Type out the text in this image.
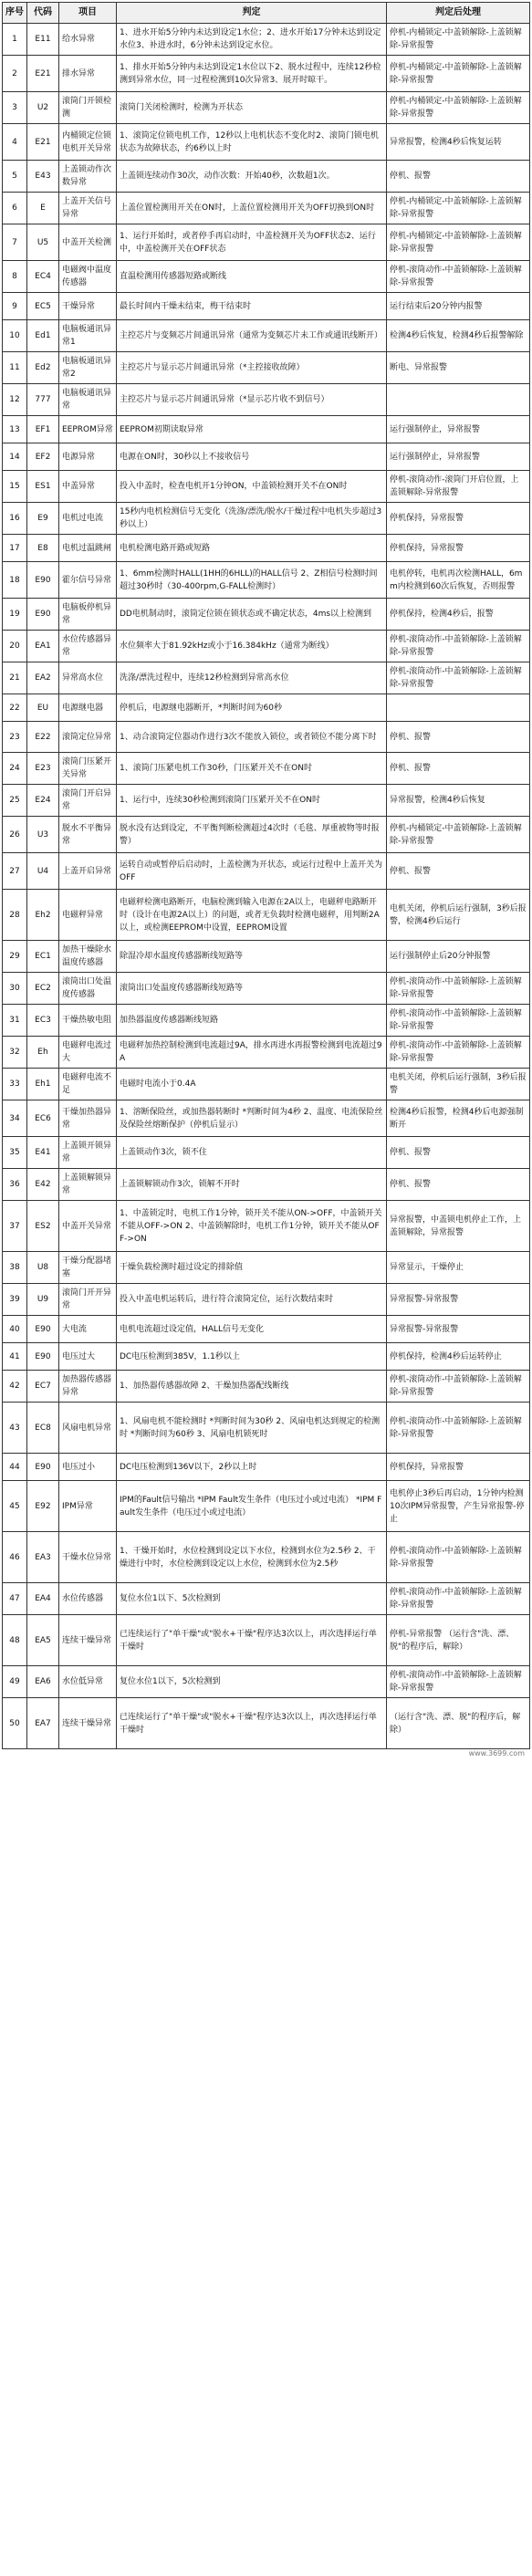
序号	代码	项目	判定	判定后处理
1	E11	给水异常	1、进水开始5分钟内未达到设定1水位；2、进水开始17分钟未达到设定水位3、补进水时，6分钟未达到设定水位。	停机-内桶锁定-中盖锁解除-上盖锁解除-异常报警
2	E21	排水异常	1、排水开始5分钟内未达到设定1水位以下2、脱水过程中，连续12秒检测到异常水位，同一过程检测到10次异常3、展开时晾干。	停机-内桶锁定-中盖锁解除-上盖锁解除-异常报警
3	U2	滚筒门开锁检测	滚筒门关闭检测时，检测为开状态	停机-内桶锁定-中盖锁解除-上盖锁解除-异常报警
4	E21	内桶锁定位锁电机开关异常	1、滚筒定位锁电机工作，12秒以上电机状态不变化时2、滚筒门锁电机状态为故障状态，约6秒以上时	异常报警，检测4秒后恢复运转
5	E43	上盖锁动作次数异常	上盖锁连续动作30次，动作次数：开始40秒，次数超1次。	停机、报警
6	E	上盖开关信号异常	上盖位置检测用开关在ON时，上盖位置检测用开关为OFF切换到ON时	停机-内桶锁定-中盖锁解除-上盖锁解除-异常报警
7	U5	中盖开关检测	1、运行开始时，或者停手再启动时，中盖检测开关为OFF状态2、运行中，中盖检测开关在OFF状态	停机-内桶锁定-中盖锁解除-上盖锁解除-异常报警
8	EC4	电磁阀中温度传感器	直温检测用传感器短路或断线	停机-滚筒动作-中盖锁解除-上盖锁解除-异常报警
9	EC5	干燥异常	最长时间内干燥未结束，梅干结束时	运行结束后20分钟内报警
10	Ed1	电脑板通讯异常1	主控芯片与变频芯片间通讯异常（通常为变频芯片未工作或通讯线断开）	检测4秒后恢复，检测4秒后报警解除
11	Ed2	电脑板通讯异常2	主控芯片与显示芯片间通讯异常（*主控接收故障）	断电、异常报警
12	777	电脑板通讯异常	主控芯片与显示芯片间通讯异常（*显示芯片收不到信号）	
13	EF1	EEPROM异常	EEPROM初期读取异常	运行强制停止，异常报警
14	EF2	电源异常	电源在ON时，30秒以上不接收信号	运行强制停止，异常报警
15	ES1	中盖异常	投入中盖时，检查电机开1分钟ON，中盖锁检测开关不在ON时	停机-滚筒动作-滚筒门开启位置，上盖锁解除-异常报警
16	E9	电机过电流	15秒内电机检测信号无变化（洗涤/漂洗/脱水/干燥过程中电机失步超过3秒以上）	停机保持，异常报警
17	E8	电机过温跳闸	电机检测电路开路或短路	停机保持，异常报警
18	E90	霍尔信号异常	1、6mm检测时HALL(1HH的6HLL)的HALL信号 2、Z相信号检测时间超过30秒时（30-400rpm,G-FALL检测时）	电机停转，电机再次检测HALL，6mm内检测到60次后恢复，否则报警
19	E90	电脑板停机异常	DD电机制动时，滚筒定位锁在锁状态或不确定状态，4ms以上检测到	停机保持，检测4秒后，报警
20	EA1	水位传感器异常	水位频率大于81.92kHz或小于16.384kHz（通常为断线）	停机-滚筒动作-中盖锁解除-上盖锁解除-异常报警
21	EA2	异常高水位	洗涤/漂洗过程中，连续12秒检测到异常高水位	停机-滚筒动作-中盖锁解除-上盖锁解除-异常报警
22	EU	电源继电器	停机后，电源继电器断开，*判断时间为60秒	
23	E22	滚筒定位异常	1、动合滚筒定位器动作进行3次不能放入锁位，或者锁位不能分离下时	停机、报警
24	E23	滚筒门压紧开关异常	1、滚筒门压紧电机工作30秒，门压紧开关不在ON时	停机、报警
25	E24	滚筒门开启异常	1、运行中，连续30秒检测到滚筒门压紧开关不在ON时	异常报警，检测4秒后恢复
26	U3	脱水不平衡异常	脱水没有达到设定，不平衡判断检测超过4次时（毛毯、厚重被物等时报警）	停机-内桶锁定-中盖锁解除-上盖锁解除-异常报警
27	U4	上盖开启异常	运转自动或暂停后启动时，上盖检测为开状态，或运行过程中上盖开关为OFF	停机、报警
28	Eh2	电磁秤异常	电磁秤检测电路断开，电脑检测到输入电源在2A以上，电磁秤电路断开时（设计在电源2A以上）的问题，或者无负载时检测电磁秤，用判断2A以上，或检测EEPROM中设置，EEPROM设置	电机关闭，停机后运行强制，3秒后报警，检测4秒后运行
29	EC1	加热干燥除水温度传感器	除湿冷却水温度传感器断线短路等	运行强制停止后20分钟报警
30	EC2	滚筒出口处温度传感器	滚筒出口处温度传感器断线短路等	停机-滚筒动作-中盖锁解除-上盖锁解除-异常报警
31	EC3	干燥热敏电阻	加热器温度传感器断线短路	停机-滚筒动作-中盖锁解除-上盖锁解除-异常报警
32	Eh	电磁秤电流过大	电磁秤加热控制检测到电流超过9A，排水再进水再报警检测到电流超过9A	停机-滚筒动作-中盖锁解除-上盖锁解除-异常报警
33	Eh1	电磁秤电流不足	电磁时电流小于0.4A	电机关闭，停机后运行强制，3秒后报警
34	EC6	干燥加热器异常	1、溶断保险丝，或加热器转断时 *判断时间为4秒 2、温度、电流保险丝及保险丝熔断保护（停机后显示）	检测4秒后报警，检测4秒后电源强制断开
35	E41	上盖锁开锁异常	上盖锁动作3次，锁不住	停机、报警
36	E42	上盖锁解锁异常	上盖锁解锁动作3次，锁解不开时	停机、报警
37	ES2	中盖开关异常	1、中盖锁定时，电机工作1分钟，锁开关不能从ON->OFF，中盖锁开关不能从OFF->ON 2、中盖锁解除时，电机工作1分钟，锁开关不能从OFF->ON	异常报警，中盖锁电机停止工作，上盖锁解除，异常报警
38	U8	干燥分配器堵塞	干燥负载检测时超过设定的排除值	异常显示，干燥停止
39	U9	滚筒门开开异常	投入中盖电机运转后，进行符合滚筒定位，运行次数结束时	异常报警-异常报警
40	E90	大电流	电机电流超过设定值，HALL信号无变化	异常报警-异常报警
41	E90	电压过大	DC电压检测到385V，1.1秒以上	停机保持，检测4秒后运转停止
42	EC7	加热器传感器异常	1、加热器传感器故障 2、干燥加热器配线断线	停机-滚筒动作-中盖锁解除-上盖锁解除-异常报警
43	EC8	风扇电机异常	1、风扇电机不能检测时 *判断时间为30秒 2、风扇电机达到规定的检测时 *判断时间为60秒 3、风扇电机锁死时	停机-滚筒动作-中盖锁解除-上盖锁解除-异常报警
44	E90	电压过小	DC电压检测到136V以下，2秒以上时	停机保持，异常报警
45	E92	IPM异常	IPM的Fault信号输出 *IPM Fault发生条件（电压过小或过电流） *IPM Fault发生条件（电压过小或过电流）	电机停止3秒后再启动，1分钟内检测10次IPM异常报警，产生异常报警-停止
46	EA3	干燥水位异常	1、干燥开始时，水位检测到设定以下水位，检测到水位为2.5秒 2、干燥进行中时，水位检测到设定以上水位，检测到水位为2.5秒	停机-滚筒动作-中盖锁解除-上盖锁解除-异常报警
47	EA4	水位传感器	复位水位1以下、5次检测到	停机-滚筒动作-中盖锁解除-上盖锁解除-异常报警
48	EA5	连续干燥异常	已连续运行了"单干燥"或"脱水+干燥"程序达3次以上，再次选择运行单干燥时	停机-异常报警 （运行含"洗、漂、脱"的程序后，解除）
49	EA6	水位低异常	复位水位1以下，5次检测到	停机-滚筒动作-中盖锁解除-上盖锁解除-异常报警
50	EA7	连续干燥异常	已连续运行了"单干燥"或"脱水+干燥"程序达3次以上，再次选择运行单干燥时	（运行含"洗、漂、脱"的程序后，解除）
www.3699.com
